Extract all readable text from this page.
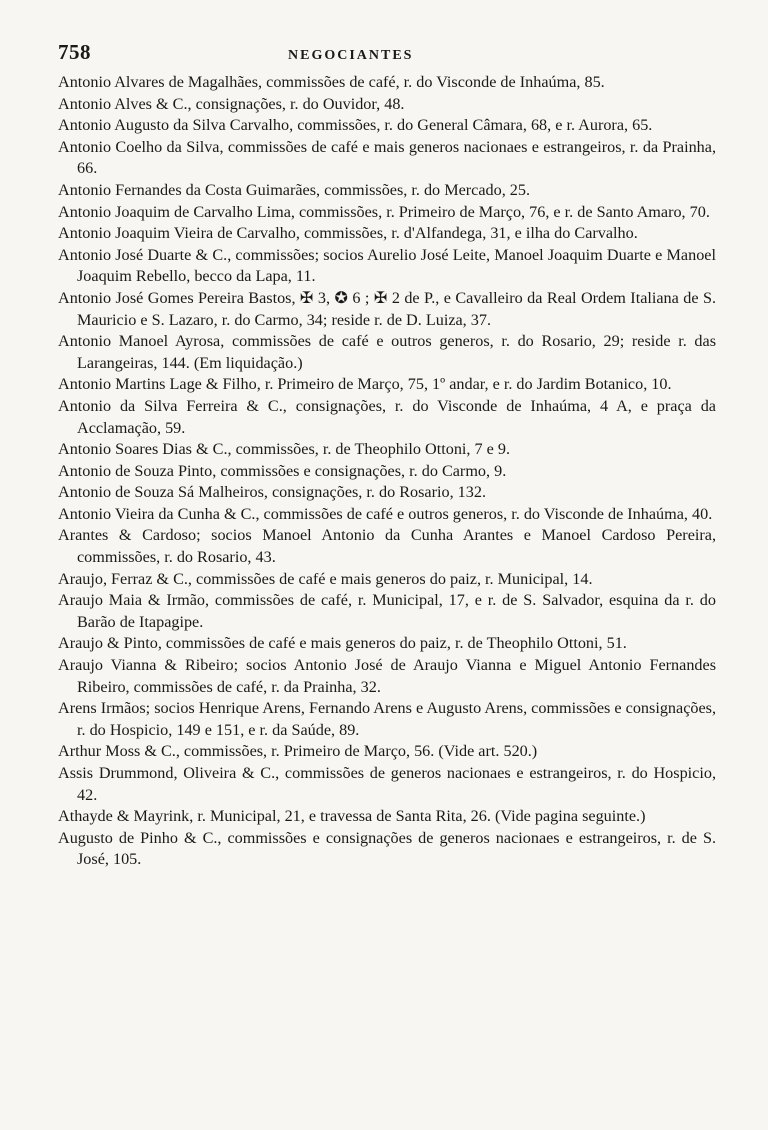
758	NEGOCIANTES

Antonio Alvares de Magalhães, commissões de café, r. do Visconde de Inhaúma, 85.

Antonio Alves & C., consignações, r. do Ouvidor, 48.

Antonio Augusto da Silva Carvalho, commissões, r. do General Câmara, 68, e r. Aurora, 65.

Antonio Coelho da Silva, commissões de café e mais generos nacionaes e estrangeiros, r. da Prainha, 66.

Antonio Fernandes da Costa Guimarães, commissões, r. do Mercado, 25.

Antonio Joaquim de Carvalho Lima, commissões, r. Primeiro de Março, 76, e r. de Santo Amaro, 70.

Antonio Joaquim Vieira de Carvalho, commissões, r. d'Alfandega, 31, e ilha do Carvalho.

Antonio José Duarte & C., commissões; socios Aurelio José Leite, Manoel Joaquim Duarte e Manoel Joaquim Rebello, becco da Lapa, 11.

Antonio José Gomes Pereira Bastos, ✠ 3, ✪ 6 ; ✠ 2 de P., e Cavalleiro da Real Ordem Italiana de S. Mauricio e S. Lazaro, r. do Carmo, 34; reside r. de D. Luiza, 37.

Antonio Manoel Ayrosa, commissões de café e outros generos, r. do Rosario, 29; reside r. das Larangeiras, 144. (Em liquidação.)

Antonio Martins Lage & Filho, r. Primeiro de Março, 75, 1º andar, e r. do Jardim Botanico, 10.

Antonio da Silva Ferreira & C., consignações, r. do Visconde de Inhaúma, 4 A, e praça da Acclamação, 59.

Antonio Soares Dias & C., commissões, r. de Theophilo Ottoni, 7 e 9.

Antonio de Souza Pinto, commissões e consignações, r. do Carmo, 9.

Antonio de Souza Sá Malheiros, consignações, r. do Rosario, 132.

Antonio Vieira da Cunha & C., commissões de café e outros generos, r. do Visconde de Inhaúma, 40.

Arantes & Cardoso; socios Manoel Antonio da Cunha Arantes e Manoel Cardoso Pereira, commissões, r. do Rosario, 43.

Araujo, Ferraz & C., commissões de café e mais generos do paiz, r. Municipal, 14.

Araujo Maia & Irmão, commissões de café, r. Municipal, 17, e r. de S. Salvador, esquina da r. do Barão de Itapagipe.

Araujo & Pinto, commissões de café e mais generos do paiz, r. de Theophilo Ottoni, 51.

Araujo Vianna & Ribeiro; socios Antonio José de Araujo Vianna e Miguel Antonio Fernandes Ribeiro, commissões de café, r. da Prainha, 32.

Arens Irmãos; socios Henrique Arens, Fernando Arens e Augusto Arens, commissões e consignações, r. do Hospicio, 149 e 151, e r. da Saúde, 89.

Arthur Moss & C., commissões, r. Primeiro de Março, 56. (Vide art. 520.)

Assis Drummond, Oliveira & C., commissões de generos nacionaes e estrangeiros, r. do Hospicio, 42.

Athayde & Mayrink, r. Municipal, 21, e travessa de Santa Rita, 26. (Vide pagina seguinte.)

Augusto de Pinho & C., commissões e consignações de generos nacionaes e estrangeiros, r. de S. José, 105.
